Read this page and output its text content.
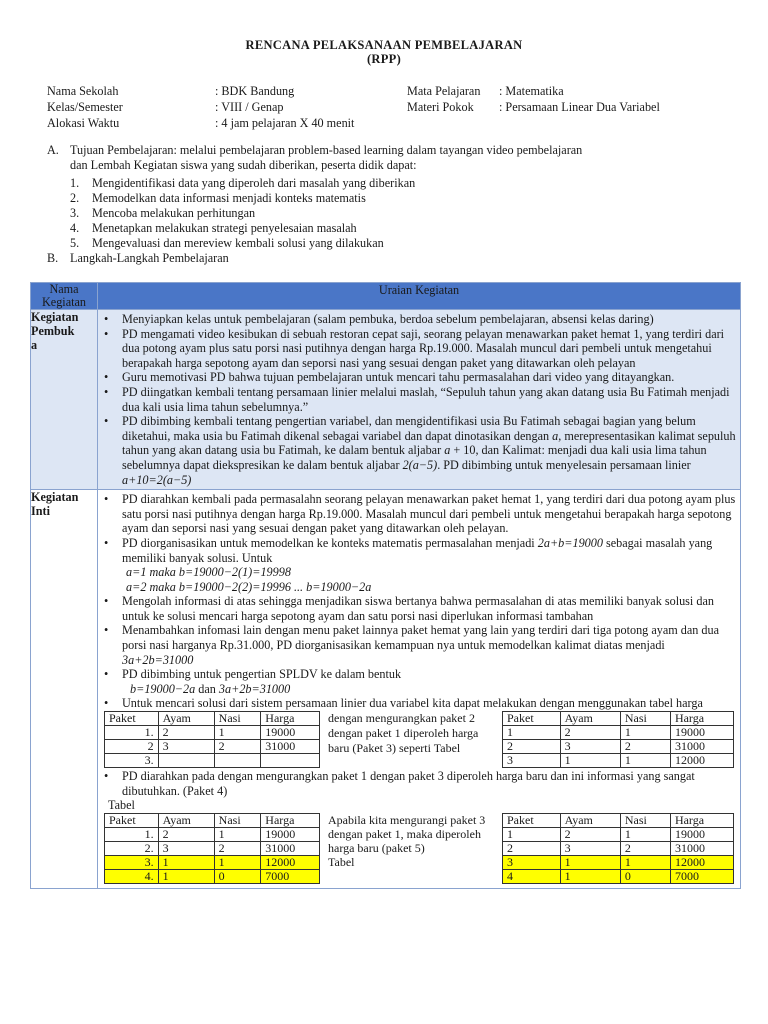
RENCANA PELAKSANAAN PEMBELAJARAN
(RPP)
Nama Sekolah	: BDK Bandung
Kelas/Semester	: VIII / Genap
Alokasi Waktu	: 4 jam pelajaran X 40 menit
Mata Pelajaran : Matematika
Materi Pokok : Persamaan Linear Dua Variabel
A. Tujuan Pembelajaran: melalui pembelajaran problem-based learning dalam tayangan video pembelajaran
dan Lembah Kegiatan siswa yang sudah diberikan, peserta didik dapat:
1. Mengidentifikasi data yang diperoleh dari masalah yang diberikan
2. Memodelkan data informasi menjadi konteks matematis
3. Mencoba melakukan perhitungan
4. Menetapkan melakukan strategi penyelesaian masalah
5. Mengevaluasi dan mereview kembali solusi yang dilakukan
B. Langkah-Langkah Pembelajaran
Nama
Kegiatan
	Uraian Kegiatan

Kegiatan
Pembuk
a

• Menyiapkan kelas untuk pembelajaran (salam pembuka, berdoa sebelum pembelajaran, absensi kelas daring)
• PD mengamati video kesibukan di sebuah restoran cepat saji, seorang pelayan menawarkan paket hemat 1, yang terdiri dari dua potong ayam plus satu porsi nasi putihnya dengan harga Rp.19.000. Masalah muncul dari pembeli untuk mengetahui berapakah harga sepotong ayam dan seporsi nasi yang sesuai dengan paket yang ditawarkan oleh pelayan
• Guru memotivasi PD bahwa tujuan pembelajaran untuk mencari tahu permasalahan dari video yang ditayangkan.
• PD diingatkan kembali tentang persamaan linier melalui maslah, “Sepuluh tahun yang akan datang usia Bu Fatimah menjadi dua kali usia lima tahun sebelumnya.”
• PD dibimbing kembali tentang pengertian variabel, dan mengidentifikasi usia Bu Fatimah sebagai bagian yang belum diketahui, maka usia bu Fatimah dikenal sebagai variabel dan dapat dinotasikan dengan a, merepresentasikan kalimat sepuluh tahun yang akan datang usia bu Fatimah, ke dalam bentuk aljabar a + 10, dan Kalimat: menjadi dua kali usia lima tahun sebelumnya dapat diekspresikan ke dalam bentuk aljabar 2(a−5). PD dibimbing untuk menyelesain persamaan linier a+10=2(a−5)

Kegiatan
Inti

• PD diarahkan kembali pada permasalahn seorang pelayan menawarkan paket hemat 1, yang terdiri dari dua potong ayam plus satu porsi nasi putihnya dengan harga Rp.19.000. Masalah muncul dari pembeli untuk mengetahui berapakah harga sepotong ayam dan seporsi nasi yang sesuai dengan paket yang ditawarkan oleh pelayan.
• PD diorganisasikan untuk memodelkan ke konteks matematis permasalahan menjadi 2a+b=19000 sebagai masalah yang memiliki banyak solusi. Untuk
a=1 maka b=19000−2(1)=19998
a=2 maka b=19000−2(2)=19996 ... b=19000−2a
• Mengolah informasi di atas sehingga menjadikan siswa bertanya bahwa permasalahan di atas memiliki banyak solusi dan untuk ke solusi mencari harga sepotong ayam dan satu porsi nasi diperlukan informasi tambahan
• Menambahkan infomasi lain dengan menu paket lainnya paket hemat yang lain yang terdiri dari tiga potong ayam dan dua porsi nasi harganya Rp.31.000, PD diorganisasikan kemampuan nya untuk memodelkan kalimat diatas menjadi 3a+2b=31000
• PD dibimbing untuk pengertian SPLDV ke dalam bentuk
b=19000−2a dan 3a+2b=31000
• Untuk mencari solusi dari sistem persamaan linier dua variabel kita dapat melakukan dengan menggunakan tabel harga
Paket	Ayam	Nasi	Harga
1.	2	1	19000
2	3	2	31000
3.			
dengan mengurangkan paket 2 dengan paket 1 diperoleh harga baru (Paket 3) seperti Tabel
Paket	Ayam	Nasi	Harga
1	2	1	19000
2	3	2	31000
3	1	1	12000
• PD diarahkan pada dengan mengurangkan paket 1 dengan paket 3 diperoleh harga baru dan ini informasi yang sangat dibutuhkan. (Paket 4)
Tabel
Paket	Ayam	Nasi	Harga
1.	2	1	19000
2.	3	2	31000
3.	1	1	12000
4.	1	0	7000
Apabila kita mengurangi paket 3 dengan paket 1, maka diperoleh harga baru (paket 5)
Tabel
Paket	Ayam	Nasi	Harga
1	2	1	19000
2	3	2	31000
3	1	1	12000
4	1	0	7000
